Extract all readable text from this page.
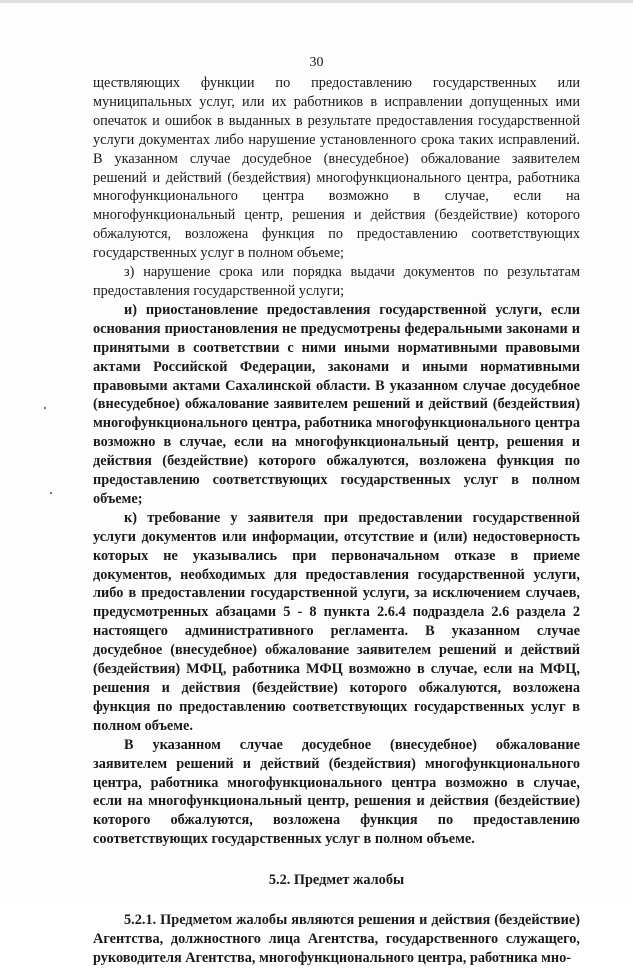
30

ществляющих функции по предоставлению государственных или муниципальных услуг, или их работников в исправлении допущенных ими опечаток и ошибок в выданных в результате предоставления государственной услуги документах либо нарушение установленного срока таких исправлений. В указанном случае досудебное (внесудебное) обжалование заявителем решений и действий (бездействия) многофункционального центра, работника многофункционального центра возможно в случае, если на многофункциональный центр, решения и действия (бездействие) которого обжалуются, возложена функция по предоставлению соответствующих государственных услуг в полном объеме;

з) нарушение срока или порядка выдачи документов по результатам предоставления государственной услуги;

и) приостановление предоставления государственной услуги, если основания приостановления не предусмотрены федеральными законами и принятыми в соответствии с ними иными нормативными правовыми актами Российской Федерации, законами и иными нормативными правовыми актами Сахалинской области. В указанном случае досудебное (внесудебное) обжалование заявителем решений и действий (бездействия) многофункционального центра, работника многофункционального центра возможно в случае, если на многофункциональный центр, решения и действия (бездействие) которого обжалуются, возложена функция по предоставлению соответствующих государственных услуг в полном объеме;

к) требование у заявителя при предоставлении государственной услуги документов или информации, отсутствие и (или) недостоверность которых не указывались при первоначальном отказе в приеме документов, необходимых для предоставления государственной услуги, либо в предоставлении государственной услуги, за исключением случаев, предусмотренных абзацами 5 - 8 пункта 2.6.4 подраздела 2.6 раздела 2 настоящего административного регламента. В указанном случае досудебное (внесудебное) обжалование заявителем решений и действий (бездействия) МФЦ, работника МФЦ возможно в случае, если на МФЦ, решения и действия (бездействие) которого обжалуются, возложена функция по предоставлению соответствующих государственных услуг в полном объеме.

В указанном случае досудебное (внесудебное) обжалование заявителем решений и действий (бездействия) многофункционального центра, работника многофункционального центра возможно в случае, если на многофункциональный центр, решения и действия (бездействие) которого обжалуются, возложена функция по предоставлению соответствующих государственных услуг в полном объеме.

5.2. Предмет жалобы

5.2.1. Предметом жалобы являются решения и действия (бездействие) Агентства, должностного лица Агентства, государственного служащего, руководителя Агентства, многофункционального центра, работника мно-
